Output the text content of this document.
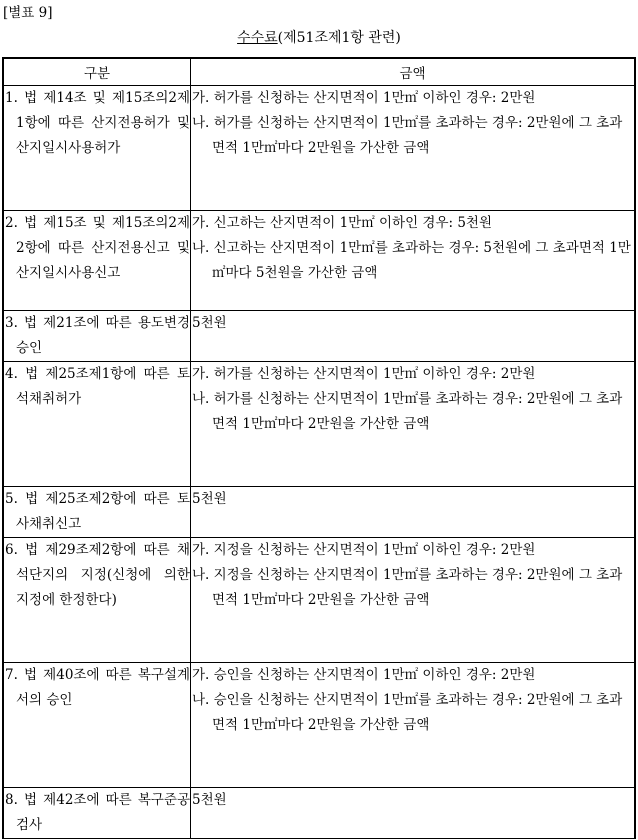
[별표 9]
수수료(제51조제1항 관련)
구분	금액

1. 법 제14조 및 제15조의2제1항에 따른 산지전용허가 및 산지일시사용허가	가. 허가를 신청하는 산지면적이 1만㎡ 이하인 경우: 2만원
나. 허가를 신청하는 산지면적이 1만㎡를 초과하는 경우: 2만원에 그 초과면적 1만㎡마다 2만원을 가산한 금액

2. 법 제15조 및 제15조의2제2항에 따른 산지전용신고 및 산지일시사용신고	가. 신고하는 산지면적이 1만㎡ 이하인 경우: 5천원
나. 신고하는 산지면적이 1만㎡를 초과하는 경우: 5천원에 그 초과면적 1만㎡마다 5천원을 가산한 금액

3. 법 제21조에 따른 용도변경승인	5천원

4. 법 제25조제1항에 따른 토석채취허가	가. 허가를 신청하는 산지면적이 1만㎡ 이하인 경우: 2만원
나. 허가를 신청하는 산지면적이 1만㎡를 초과하는 경우: 2만원에 그 초과면적 1만㎡마다 2만원을 가산한 금액

5. 법 제25조제2항에 따른 토사채취신고	5천원

6. 법 제29조제2항에 따른 채석단지의 지정(신청에 의한 지정에 한정한다)	가. 지정을 신청하는 산지면적이 1만㎡ 이하인 경우: 2만원
나. 지정을 신청하는 산지면적이 1만㎡를 초과하는 경우: 2만원에 그 초과면적 1만㎡마다 2만원을 가산한 금액

7. 법 제40조에 따른 복구설계서의 승인	가. 승인을 신청하는 산지면적이 1만㎡ 이하인 경우: 2만원
나. 승인을 신청하는 산지면적이 1만㎡를 초과하는 경우: 2만원에 그 초과면적 1만㎡마다 2만원을 가산한 금액

8. 법 제42조에 따른 복구준공검사	5천원
